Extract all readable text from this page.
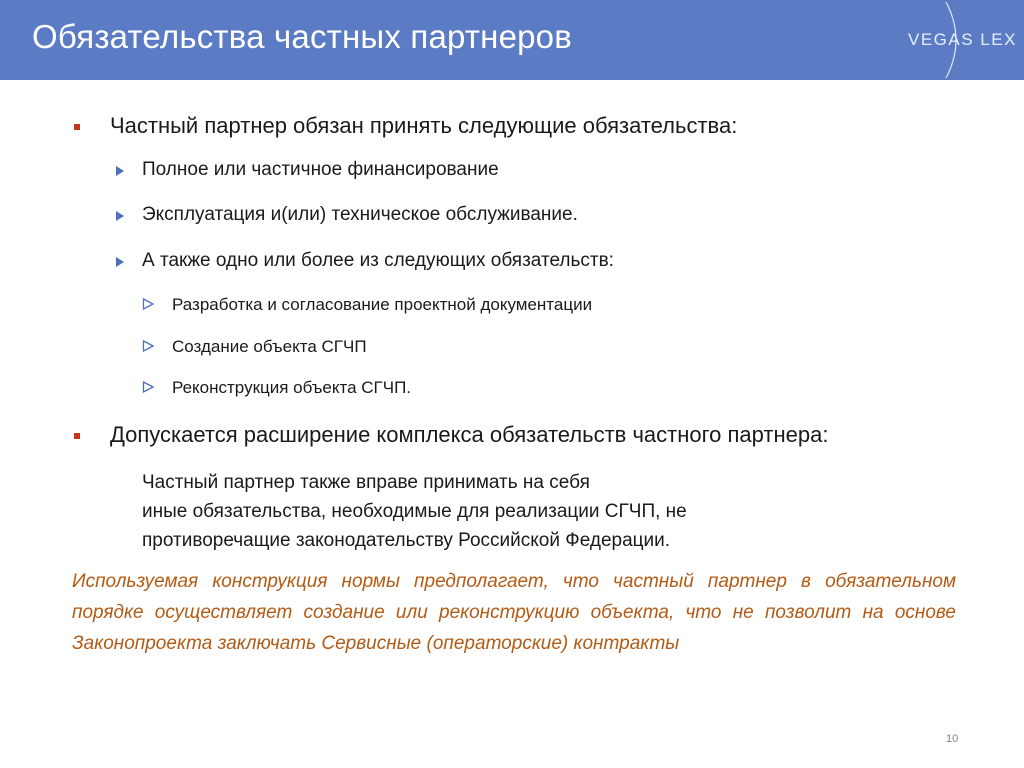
Обязательства частных партнеров	VEGAS LEX
Частный партнер обязан принять следующие обязательства:
Полное или частичное финансирование
Эксплуатация и(или) техническое обслуживание.
А также одно или более из следующих обязательств:
Разработка и согласование проектной документации
Создание объекта СГЧП
Реконструкция объекта СГЧП.
Допускается расширение комплекса обязательств частного партнера:
Частный партнер также вправе принимать на себя
иные обязательства, необходимые для реализации СГЧП, не
противоречащие законодательству Российской Федерации.
Используемая конструкция нормы предполагает, что частный партнер в обязательном порядке осуществляет создание или реконструкцию объекта, что не позволит на основе Законопроекта заключать Сервисные (операторские) контракты
10
